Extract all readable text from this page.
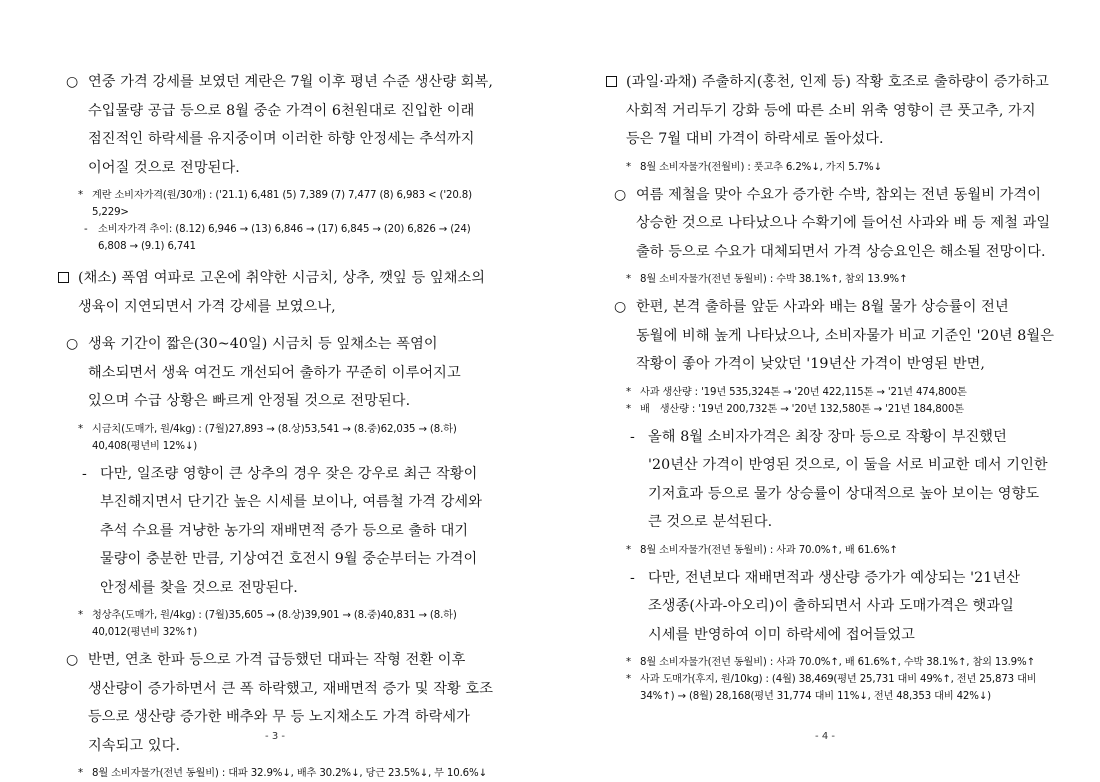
○ 연중 가격 강세를 보였던 계란은 7월 이후 평년 수준 생산량 회복, 수입물량 공급 등으로 8월 중순 가격이 6천원대로 진입한 이래 점진적인 하락세를 유지중이며 이러한 하향 안정세는 추석까지 이어질 것으로 전망된다.
* 계란 소비자가격(원/30개) : ('21.1) 6,481 (5) 7,389 (7) 7,477 (8) 6,983 < ('20.8) 5,229>
- 소비자가격 추이: (8.12) 6,946 → (13) 6,846 → (17) 6,845 → (20) 6,826 → (24) 6,808 → (9.1) 6,741
(채소) 폭염 여파로 고온에 취약한 시금치, 상추, 깻잎 등 잎채소의 생육이 지연되면서 가격 강세를 보였으나,
○ 생육 기간이 짧은(30~40일) 시금치 등 잎채소는 폭염이 해소되면서 생육 여건도 개선되어 출하가 꾸준히 이루어지고 있으며 수급 상황은 빠르게 안정될 것으로 전망된다.
* 시금치(도매가, 원/4kg) : (7월)27,893 → (8.상)53,541 → (8.중)62,035 → (8.하) 40,408(평년비 12%↓)
- 다만, 일조량 영향이 큰 상추의 경우 잦은 강우로 최근 작황이 부진해지면서 단기간 높은 시세를 보이나, 여름철 가격 강세와 추석 수요를 겨냥한 농가의 재배면적 증가 등으로 출하 대기 물량이 충분한 만큼, 기상여건 호전시 9월 중순부터는 가격이 안정세를 찾을 것으로 전망된다.
* 청상추(도매가, 원/4kg) : (7월)35,605 → (8.상)39,901 → (8.중)40,831 → (8.하) 40,012(평년비 32%↑)
○ 반면, 연초 한파 등으로 가격 급등했던 대파는 작형 전환 이후 생산량이 증가하면서 큰 폭 하락했고, 재배면적 증가 및 작황 호조 등으로 생산량 증가한 배추와 무 등 노지채소도 가격 하락세가 지속되고 있다.
* 8월 소비자물가(전년 동월비) : 대파 32.9%↓, 배추 30.2%↓, 당근 23.5%↓, 무 10.6%↓
- 3 -
(과일·과채) 주출하지(홍천, 인제 등) 작황 호조로 출하량이 증가하고 사회적 거리두기 강화 등에 따른 소비 위축 영향이 큰 풋고추, 가지 등은 7월 대비 가격이 하락세로 돌아섰다.
* 8월 소비자물가(전월비) : 풋고추 6.2%↓, 가지 5.7%↓
○ 여름 제철을 맞아 수요가 증가한 수박, 참외는 전년 동월비 가격이 상승한 것으로 나타났으나 수확기에 들어선 사과와 배 등 제철 과일 출하 등으로 수요가 대체되면서 가격 상승요인은 해소될 전망이다.
* 8월 소비자물가(전년 동월비) : 수박 38.1%↑, 참외 13.9%↑
○ 한편, 본격 출하를 앞둔 사과와 배는 8월 물가 상승률이 전년 동월에 비해 높게 나타났으나, 소비자물가 비교 기준인 '20년 8월은 작황이 좋아 가격이 낮았던 '19년산 가격이 반영된 반면,
* 사과 생산량 : '19년 535,324톤 → '20년 422,115톤 → '21년 474,800톤
* 배　생산량 : '19년 200,732톤 → '20년 132,580톤 → '21년 184,800톤
- 올해 8월 소비자가격은 최장 장마 등으로 작황이 부진했던 '20년산 가격이 반영된 것으로, 이 둘을 서로 비교한 데서 기인한 기저효과 등으로 물가 상승률이 상대적으로 높아 보이는 영향도 큰 것으로 분석된다.
* 8월 소비자물가(전년 동월비) : 사과 70.0%↑, 배 61.6%↑
- 다만, 전년보다 재배면적과 생산량 증가가 예상되는 '21년산 조생종(사과-아오리)이 출하되면서 사과 도매가격은 햇과일 시세를 반영하여 이미 하락세에 접어들었고
* 8월 소비자물가(전년 동월비) : 사과 70.0%↑, 배 61.6%↑, 수박 38.1%↑, 참외 13.9%↑
* 사과 도매가(후지, 원/10kg) : (4월) 38,469(평년 25,731 대비 49%↑, 전년 25,873 대비 34%↑) → (8월) 28,168(평년 31,774 대비 11%↓, 전년 48,353 대비 42%↓)
- 4 -
